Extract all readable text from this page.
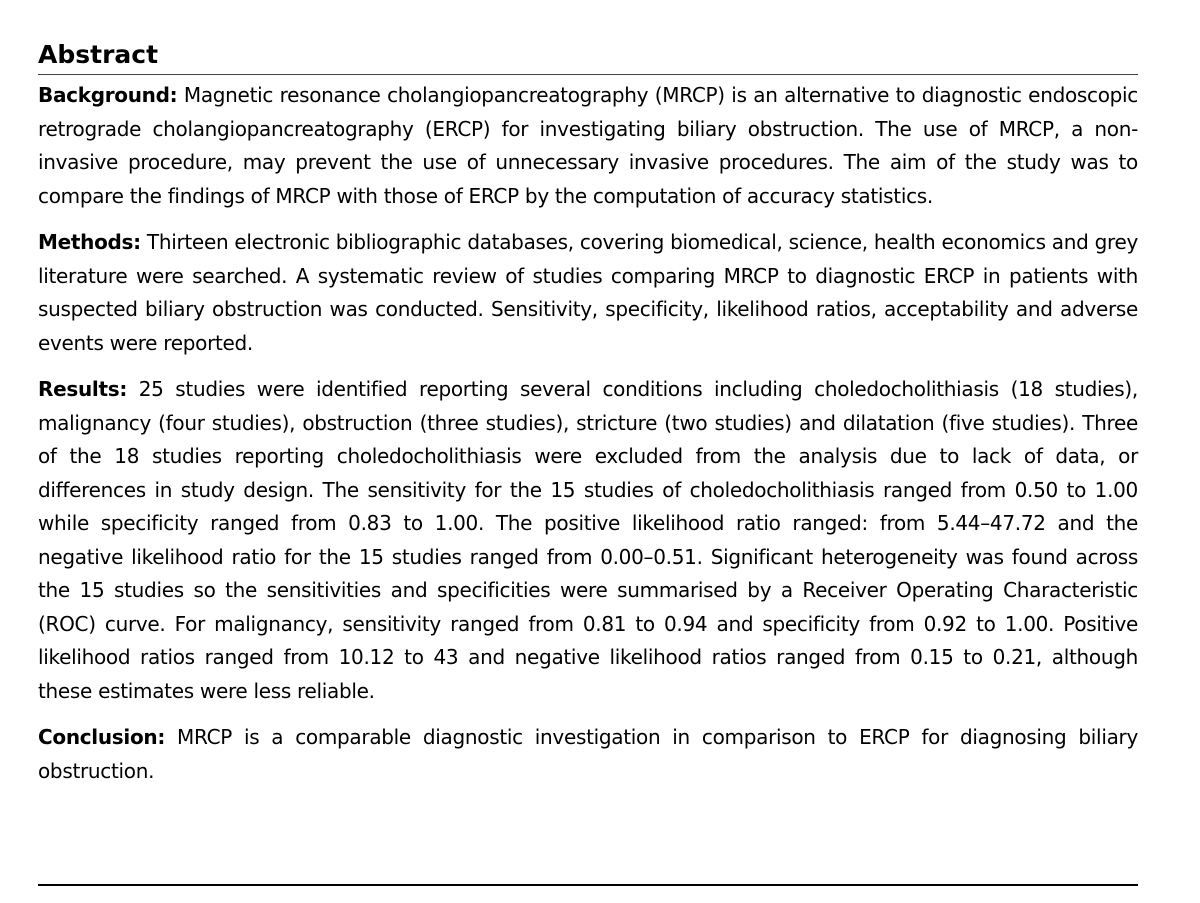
Abstract

Background: Magnetic resonance cholangiopancreatography (MRCP) is an alternative to diagnostic endoscopic retrograde cholangiopancreatography (ERCP) for investigating biliary obstruction. The use of MRCP, a non-invasive procedure, may prevent the use of unnecessary invasive procedures. The aim of the study was to compare the findings of MRCP with those of ERCP by the computation of accuracy statistics.

Methods: Thirteen electronic bibliographic databases, covering biomedical, science, health economics and grey literature were searched. A systematic review of studies comparing MRCP to diagnostic ERCP in patients with suspected biliary obstruction was conducted. Sensitivity, specificity, likelihood ratios, acceptability and adverse events were reported.

Results: 25 studies were identified reporting several conditions including choledocholithiasis (18 studies), malignancy (four studies), obstruction (three studies), stricture (two studies) and dilatation (five studies). Three of the 18 studies reporting choledocholithiasis were excluded from the analysis due to lack of data, or differences in study design. The sensitivity for the 15 studies of choledocholithiasis ranged from 0.50 to 1.00 while specificity ranged from 0.83 to 1.00. The positive likelihood ratio ranged: from 5.44–47.72 and the negative likelihood ratio for the 15 studies ranged from 0.00–0.51. Significant heterogeneity was found across the 15 studies so the sensitivities and specificities were summarised by a Receiver Operating Characteristic (ROC) curve. For malignancy, sensitivity ranged from 0.81 to 0.94 and specificity from 0.92 to 1.00. Positive likelihood ratios ranged from 10.12 to 43 and negative likelihood ratios ranged from 0.15 to 0.21, although these estimates were less reliable.

Conclusion: MRCP is a comparable diagnostic investigation in comparison to ERCP for diagnosing biliary obstruction.
